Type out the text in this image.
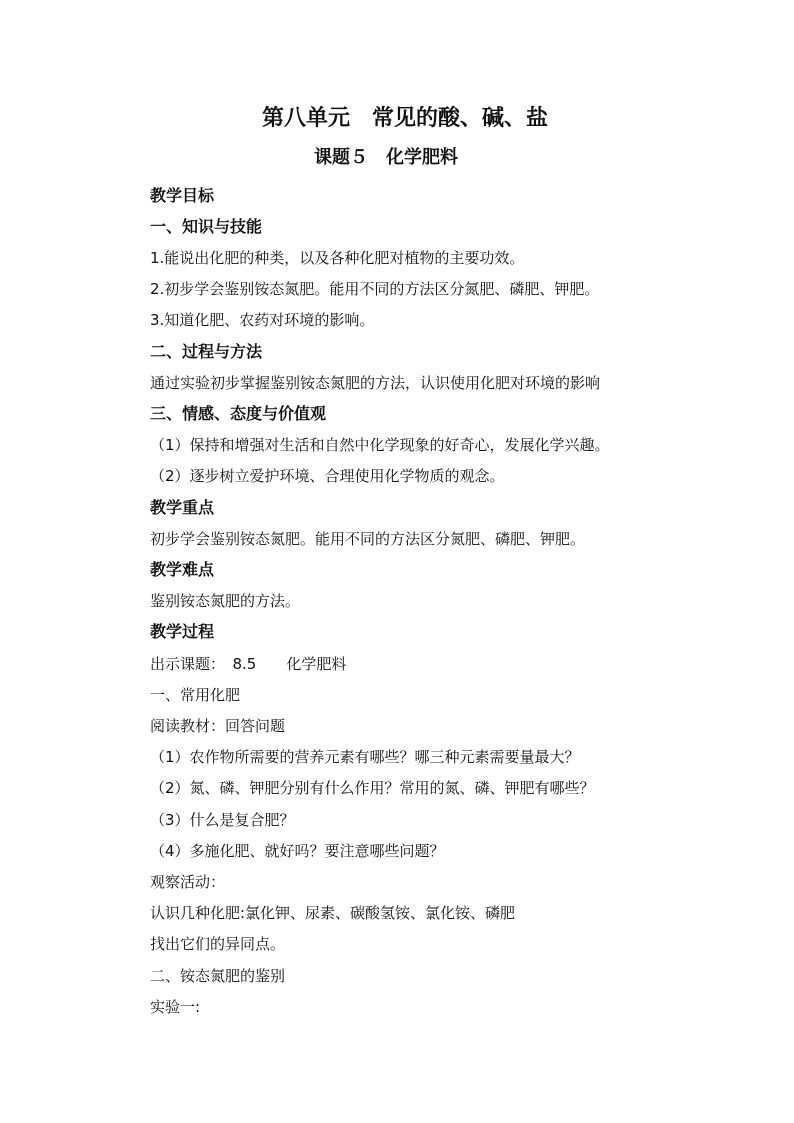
第八单元　常见的酸、碱、盐
课题５　化学肥料
教学目标
一、知识与技能
1.能说出化肥的种类，以及各种化肥对植物的主要功效。
2.初步学会鉴别铵态氮肥。能用不同的方法区分氮肥、磷肥、钾肥。
3.知道化肥、农药对环境的影响。
二、过程与方法
通过实验初步掌握鉴别铵态氮肥的方法，认识使用化肥对环境的影响
三、情感、态度与价值观
（1）保持和增强对生活和自然中化学现象的好奇心，发展化学兴趣。
（2）逐步树立爱护环境、合理使用化学物质的观念。
教学重点
初步学会鉴别铵态氮肥。能用不同的方法区分氮肥、磷肥、钾肥。
教学难点
鉴别铵态氮肥的方法。
教学过程
出示课题：　8.5　　化学肥料
一、常用化肥
阅读教材：回答问题
（1）农作物所需要的营养元素有哪些？哪三种元素需要量最大？
（2）氮、磷、钾肥分别有什么作用？常用的氮、磷、钾肥有哪些？
（3）什么是复合肥？
（4）多施化肥、就好吗？要注意哪些问题？
观察活动：
认识几种化肥:氯化钾、尿素、碳酸氢铵、氯化铵、磷肥
找出它们的异同点。
二、铵态氮肥的鉴别
实验一:
